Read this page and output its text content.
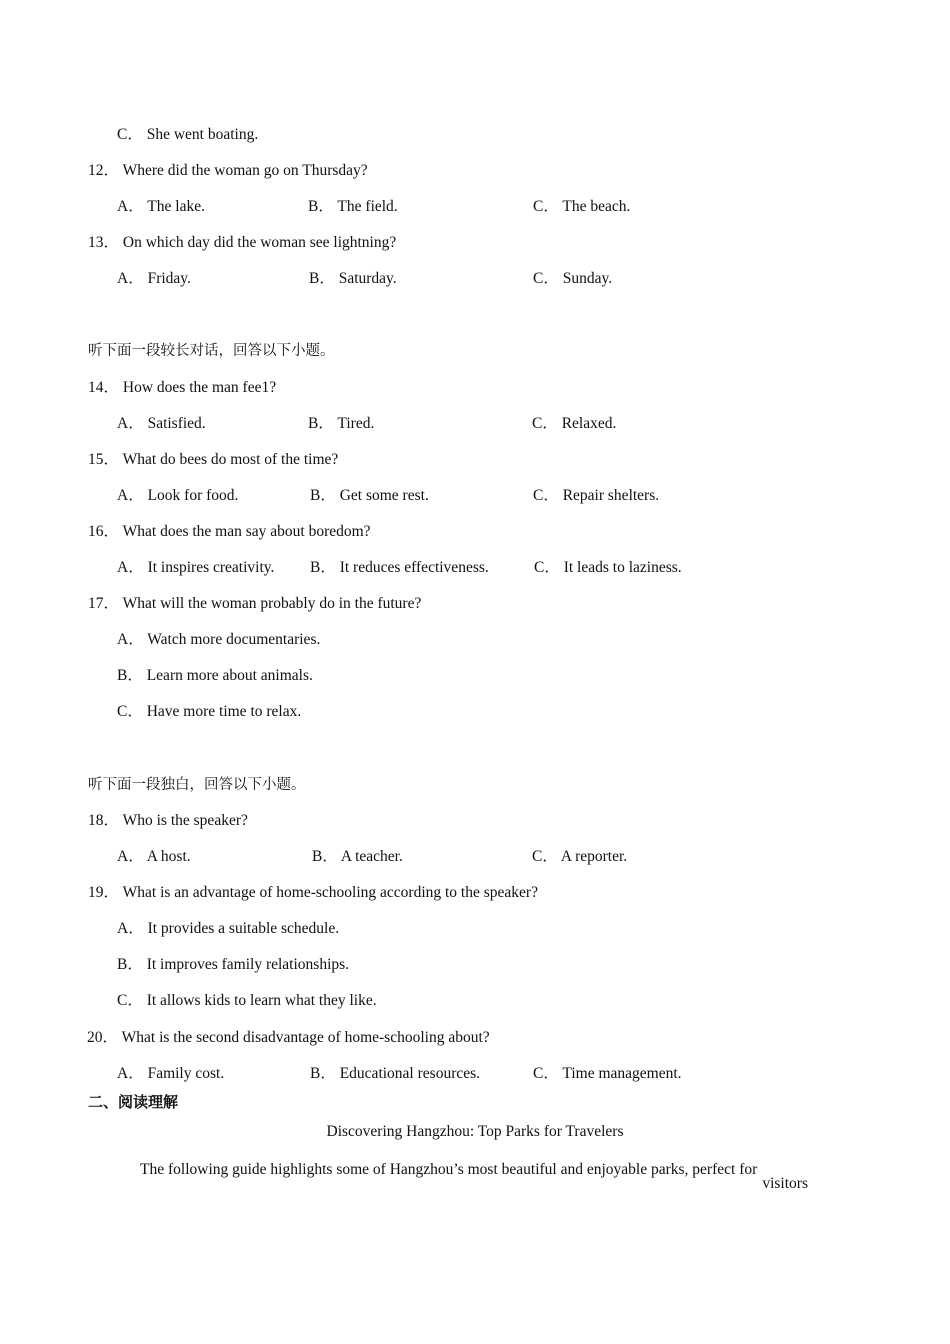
C． She went boating.
12． Where did the woman go on Thursday?
A． The lake.	B． The field.	C． The beach.
13． On which day did the woman see lightning?
A． Friday.	B． Saturday.	C． Sunday.
听下面一段较长对话，回答以下小题。
14． How does the man fee1?
A． Satisfied.	B． Tired.	C． Relaxed.
15． What do bees do most of the time?
A． Look for food.	B． Get some rest.	C． Repair shelters.
16． What does the man say about boredom?
A． It inspires creativity. B． It reduces effectiveness.	C． It leads to laziness.
17． What will the woman probably do in the future?
A． Watch more documentaries.
B． Learn more about animals.
C． Have more time to relax.
听下面一段独白，回答以下小题。
18． Who is the speaker?
A． A host.	B． A teacher.	C． A reporter.
19． What is an advantage of home-schooling according to the speaker?
A． It provides a suitable schedule.
B． It improves family relationships.
C． It allows kids to learn what they like.
20． What is the second disadvantage of home-schooling about?
A． Family cost.	B． Educational resources.	C． Time management.
二、阅读理解
Discovering Hangzhou: Top Parks for Travelers
The following guide highlights some of Hangzhou’s most beautiful and enjoyable parks, perfect for
visitors
